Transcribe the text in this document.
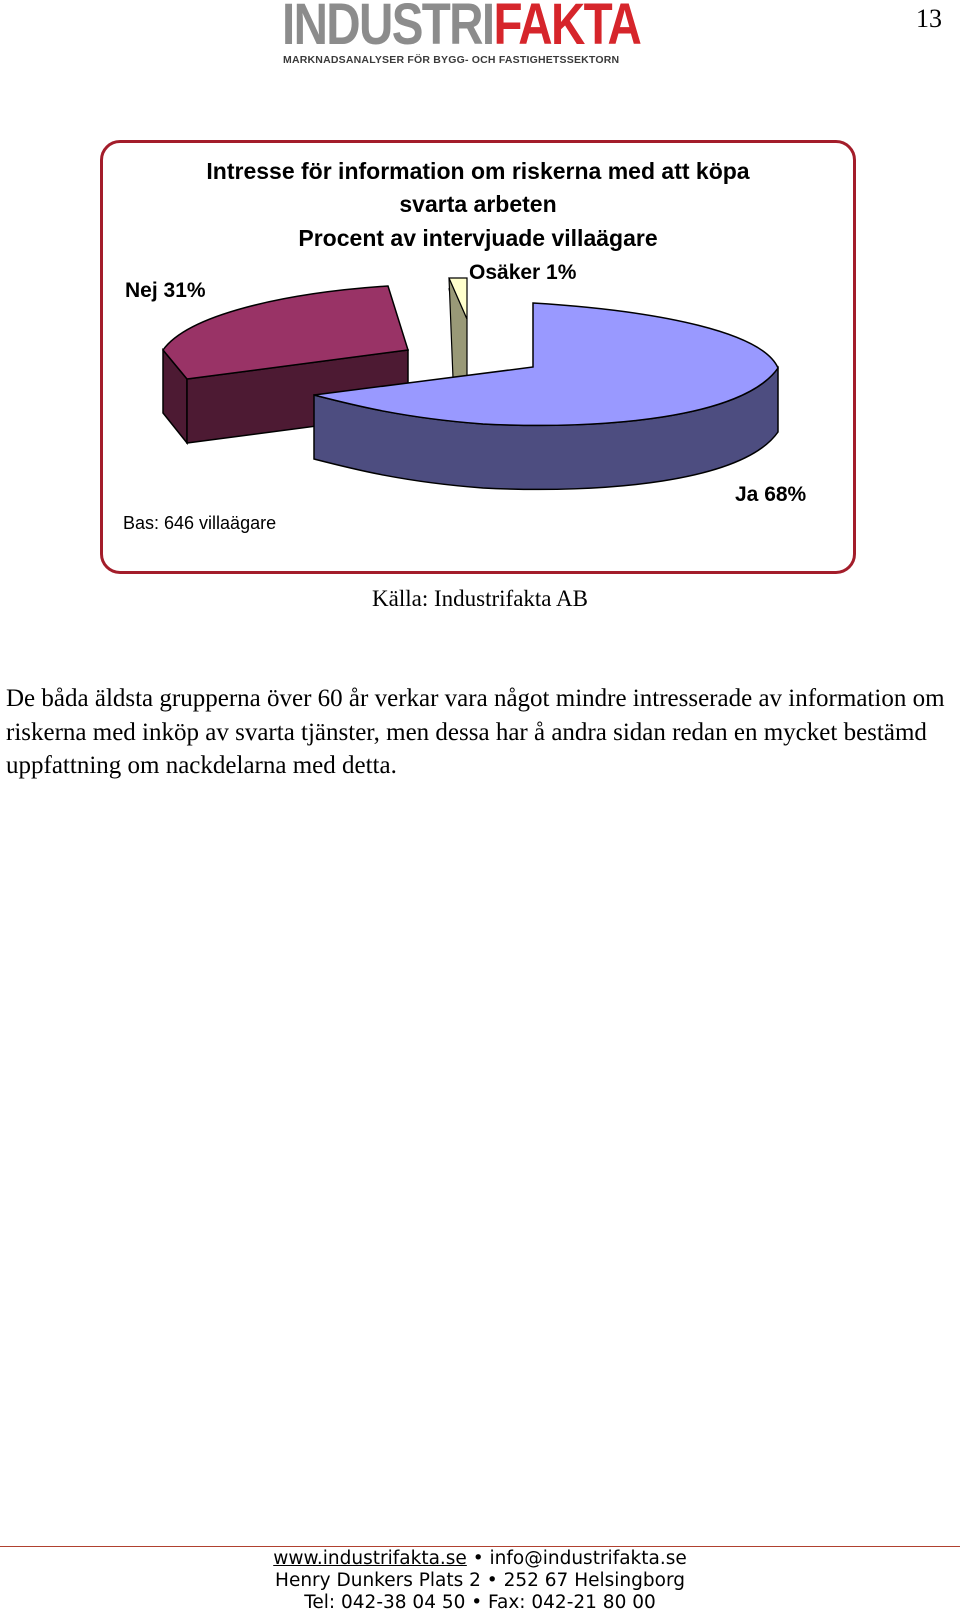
13
INDUSTRIFAKTA
MARKNADSANALYSER FÖR BYGG- OCH FASTIGHETSSEKTORN
Intresse för information om riskerna med att köpa
svarta arbeten
Procent av intervjuade villaägare
Nej 31%
Osäker 1%
Ja 68%
Bas: 646 villaägare
Källa: Industrifakta AB
De båda äldsta grupperna över 60 år verkar vara något mindre intresserade av information om riskerna med inköp av svarta tjänster, men dessa har å andra sidan redan en mycket bestämd uppfattning om nackdelarna med detta.
www.industrifakta.se • info@industrifakta.se
Henry Dunkers Plats 2 • 252 67 Helsingborg
Tel: 042-38 04 50 • Fax: 042-21 80 00
